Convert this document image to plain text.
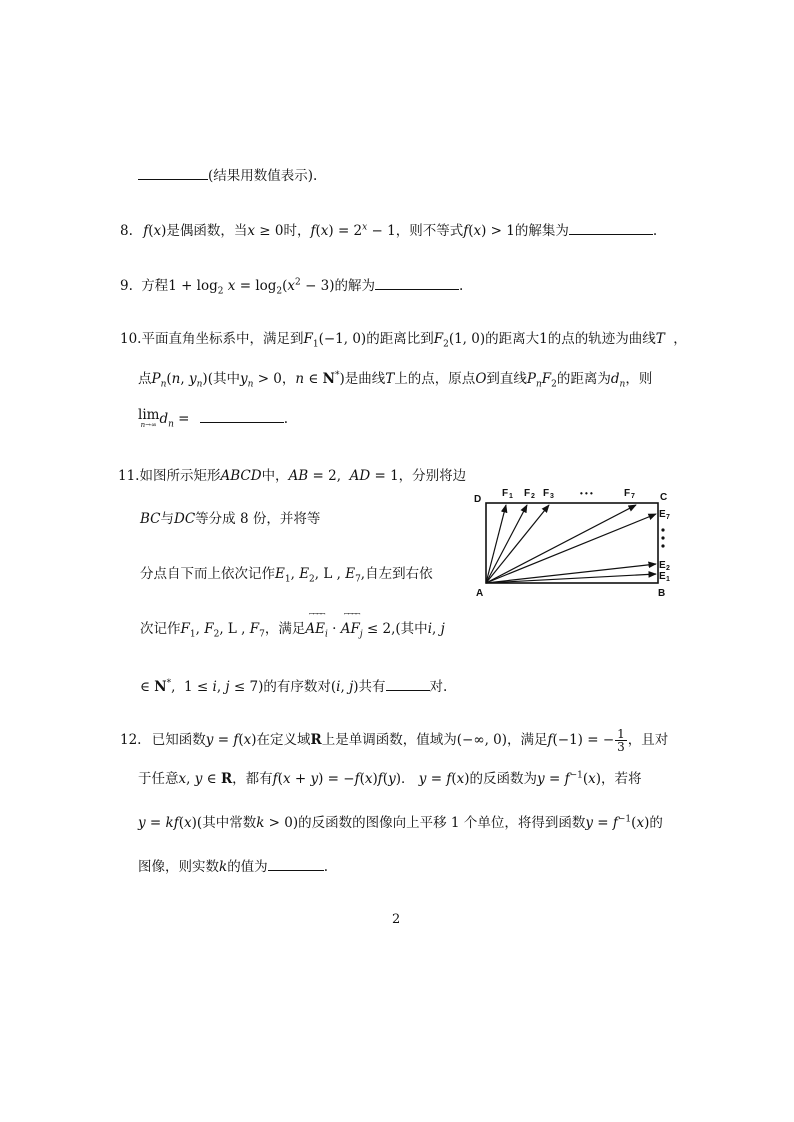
(结果用数值表示).
8. f(x)是偶函数，当x ≥ 0时，$f(x) = 2^x - 1$，则不等式f(x) > 1的解集为	.
9. 方程$1 + \log_2 x = \log_2(x^2 - 3)$的解为	.
10.平面直角坐标系中，满足到$F_1(-1$, 0)的距离比到$F_2(1$, 0)的距离大1的点的轨迹为曲线T  ，
点$P_n(n$, $y_n$)(其中$y_n > 0$，n ∈ N*)是曲线T上的点，原点O到直线$P_nF_2$的距离为$d_n$，则
lim
n→∞ $d_n$ =	.
11.如图所示矩形ABCD中，AB = 2,  AD = 1，分别将边
BC与DC等分成 8 份，并将等
分点自下而上依次记作$E_1$, $E_2$, L , $E_7$,自左到右依
次记作$F_1$, $F_2$, L , $F_7$，满足
ꟷꟷꟷꟷ
$AE_i$ ·
ꟷꟷꟷꟷ
$AF_j \le 2$,(其中i, j
∈ N*,  1 ≤ i, j ≤ 7)的有序数对(i, j)共有	对.
D	C
A	B
F 1 F 2 F 3	• • •	F 7
E 7
E 2
E 1
12. 已知函数y = f(x)在定义域R上是单调函数，值域为(−∞, 0)，满足f(−1) = − $\frac{1}{3}$ ，且对
于任意x, y ∈ R，都有f(x + y) = −f(x)f(y)． y = f(x)的反函数为$y = f^{-1}(x)$，若将
y = kf(x)(其中常数k > 0)的反函数的图像向上平移 1 个单位，将得到函数$y = f^{-1}(x)$的
图像，则实数k的值为	.
2
